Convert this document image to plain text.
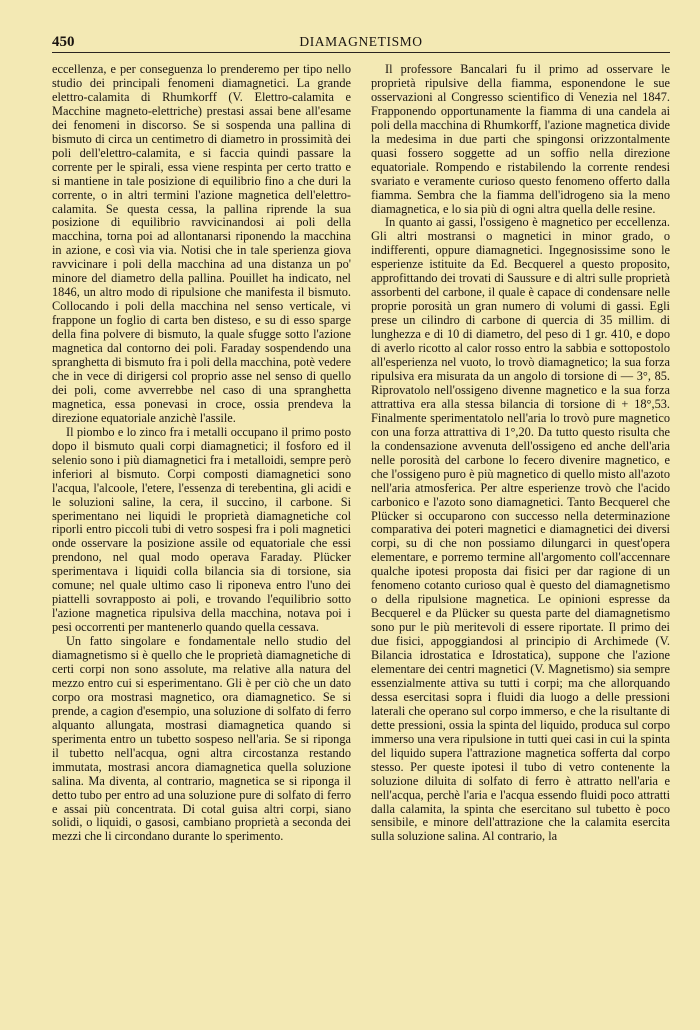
450	DIAMAGNETISMO

eccellenza, e per conseguenza lo prenderemo per tipo nello studio dei principali fenomeni diamagnetici. La grande elettro-calamita di Rhumkorff (V. Elettro-calamita e Macchine magneto-elettriche) prestasi assai bene all'esame dei fenomeni in discorso. Se si sospenda una pallina di bismuto di circa un centimetro di diametro in prossimità dei poli dell'elettro-calamita, e si faccia quindi passare la corrente per le spirali, essa viene respinta per certo tratto e si mantiene in tale posizione di equilibrio fino a che duri la corrente, o in altri termini l'azione magnetica dell'elettro-calamita. Se questa cessa, la pallina riprende la sua posizione di equilibrio ravvicinandosi ai poli della macchina, torna poi ad allontanarsi riponendo la macchina in azione, e così via via. Notisi che in tale sperienza giova ravvicinare i poli della macchina ad una distanza un po' minore del diametro della pallina. Pouillet ha indicato, nel 1846, un altro modo di ripulsione che manifesta il bismuto. Collocando i poli della macchina nel senso verticale, vi frappone un foglio di carta ben disteso, e su di esso sparge della fina polvere di bismuto, la quale sfugge sotto l'azione magnetica dal contorno dei poli. Faraday sospendendo una spranghetta di bismuto fra i poli della macchina, potè vedere che in vece di dirigersi col proprio asse nel senso di quello dei poli, come avverrebbe nel caso di una spranghetta magnetica, essa ponevasi in croce, ossia prendeva la direzione equatoriale anzichè l'assile.

Il piombo e lo zinco fra i metalli occupano il primo posto dopo il bismuto quali corpi diamagnetici; il fosforo ed il selenio sono i più diamagnetici fra i metalloidi, sempre però inferiori al bismuto. Corpi composti diamagnetici sono l'acqua, l'alcoole, l'etere, l'essenza di terebentina, gli acidi e le soluzioni saline, la cera, il succino, il carbone. Si sperimentano nei liquidi le proprietà diamagnetiche col riporli entro piccoli tubi di vetro sospesi fra i poli magnetici onde osservare la posizione assile od equatoriale che essi prendono, nel qual modo operava Faraday. Plücker sperimentava i liquidi colla bilancia sia di torsione, sia comune; nel quale ultimo caso li riponeva entro l'uno dei piattelli sovrapposto ai poli, e trovando l'equilibrio sotto l'azione magnetica ripulsiva della macchina, notava poi i pesi occorrenti per mantenerlo quando quella cessava.

Un fatto singolare e fondamentale nello studio del diamagnetismo si è quello che le proprietà diamagnetiche di certi corpi non sono assolute, ma relative alla natura del mezzo entro cui si esperimentano. Gli è per ciò che un dato corpo ora mostrasi magnetico, ora diamagnetico. Se si prende, a cagion d'esempio, una soluzione di solfato di ferro alquanto allungata, mostrasi diamagnetica quando si sperimenta entro un tubetto sospeso nell'aria. Se si riponga il tubetto nell'acqua, ogni altra circostanza restando immutata, mostrasi ancora diamagnetica quella soluzione salina. Ma diventa, al contrario, magnetica se si riponga il detto tubo per entro ad una soluzione pure di solfato di ferro e assai più concentrata. Di cotal guisa altri corpi, siano solidi, o liquidi, o gasosi, cambiano proprietà a seconda dei mezzi che li circondano durante lo sperimento.

Il professore Bancalari fu il primo ad osservare le proprietà ripulsive della fiamma, esponendone le sue osservazioni al Congresso scientifico di Venezia nel 1847. Frapponendo opportunamente la fiamma di una candela ai poli della macchina di Rhumkorff, l'azione magnetica divide la medesima in due parti che spingonsi orizzontalmente quasi fossero soggette ad un soffio nella direzione equatoriale. Rompendo e ristabilendo la corrente rendesi svariato e veramente curioso questo fenomeno offerto dalla fiamma. Sembra che la fiamma dell'idrogeno sia la meno diamagnetica, e lo sia più di ogni altra quella delle resine.

In quanto ai gassi, l'ossigeno è magnetico per eccellenza. Gli altri mostransi o magnetici in minor grado, o indifferenti, oppure diamagnetici. Ingegnosissime sono le esperienze istituite da Ed. Becquerel a questo proposito, approfittando dei trovati di Saussure e di altri sulle proprietà assorbenti del carbone, il quale è capace di condensare nelle proprie porosità un gran numero di volumi di gassi. Egli prese un cilindro di carbone di quercia di 35 millim. di lunghezza e di 10 di diametro, del peso di 1 gr. 410, e dopo di averlo ricotto al calor rosso entro la sabbia e sottopostolo all'esperienza nel vuoto, lo trovò diamagnetico; la sua forza ripulsiva era misurata da un angolo di torsione di — 3°, 85. Riprovatolo nell'ossigeno divenne magnetico e la sua forza attrattiva era alla stessa bilancia di torsione di + 18°,53. Finalmente sperimentatolo nell'aria lo trovò pure magnetico con una forza attrattiva di 1°,20. Da tutto questo risulta che la condensazione avvenuta dell'ossigeno ed anche dell'aria nelle porosità del carbone lo fecero divenire magnetico, e che l'ossigeno puro è più magnetico di quello misto all'azoto nell'aria atmosferica. Per altre esperienze trovò che l'acido carbonico e l'azoto sono diamagnetici. Tanto Becquerel che Plücker si occuparono con successo nella determinazione comparativa dei poteri magnetici e diamagnetici dei diversi corpi, su di che non possiamo dilungarci in quest'opera elementare, e porremo termine all'argomento coll'accennare qualche ipotesi proposta dai fisici per dar ragione di un fenomeno cotanto curioso qual è questo del diamagnetismo o della ripulsione magnetica. Le opinioni espresse da Becquerel e da Plücker su questa parte del diamagnetismo sono pur le più meritevoli di essere riportate. Il primo dei due fisici, appoggiandosi al principio di Archimede (V. Bilancia idrostatica e Idrostatica), suppone che l'azione elementare dei centri magnetici (V. Magnetismo) sia sempre essenzialmente attiva su tutti i corpi; ma che allorquando dessa esercitasi sopra i fluidi dia luogo a delle pressioni laterali che operano sul corpo immerso, e che la risultante di dette pressioni, ossia la spinta del liquido, produca sul corpo immerso una vera ripulsione in tutti quei casi in cui la spinta del liquido supera l'attrazione magnetica sofferta dal corpo stesso. Per queste ipotesi il tubo di vetro contenente la soluzione diluita di solfato di ferro è attratto nell'aria e nell'acqua, perchè l'aria e l'acqua essendo fluidi poco attratti dalla calamita, la spinta che esercitano sul tubetto è poco sensibile, e minore dell'attrazione che la calamita esercita sulla soluzione salina. Al contrario, la
